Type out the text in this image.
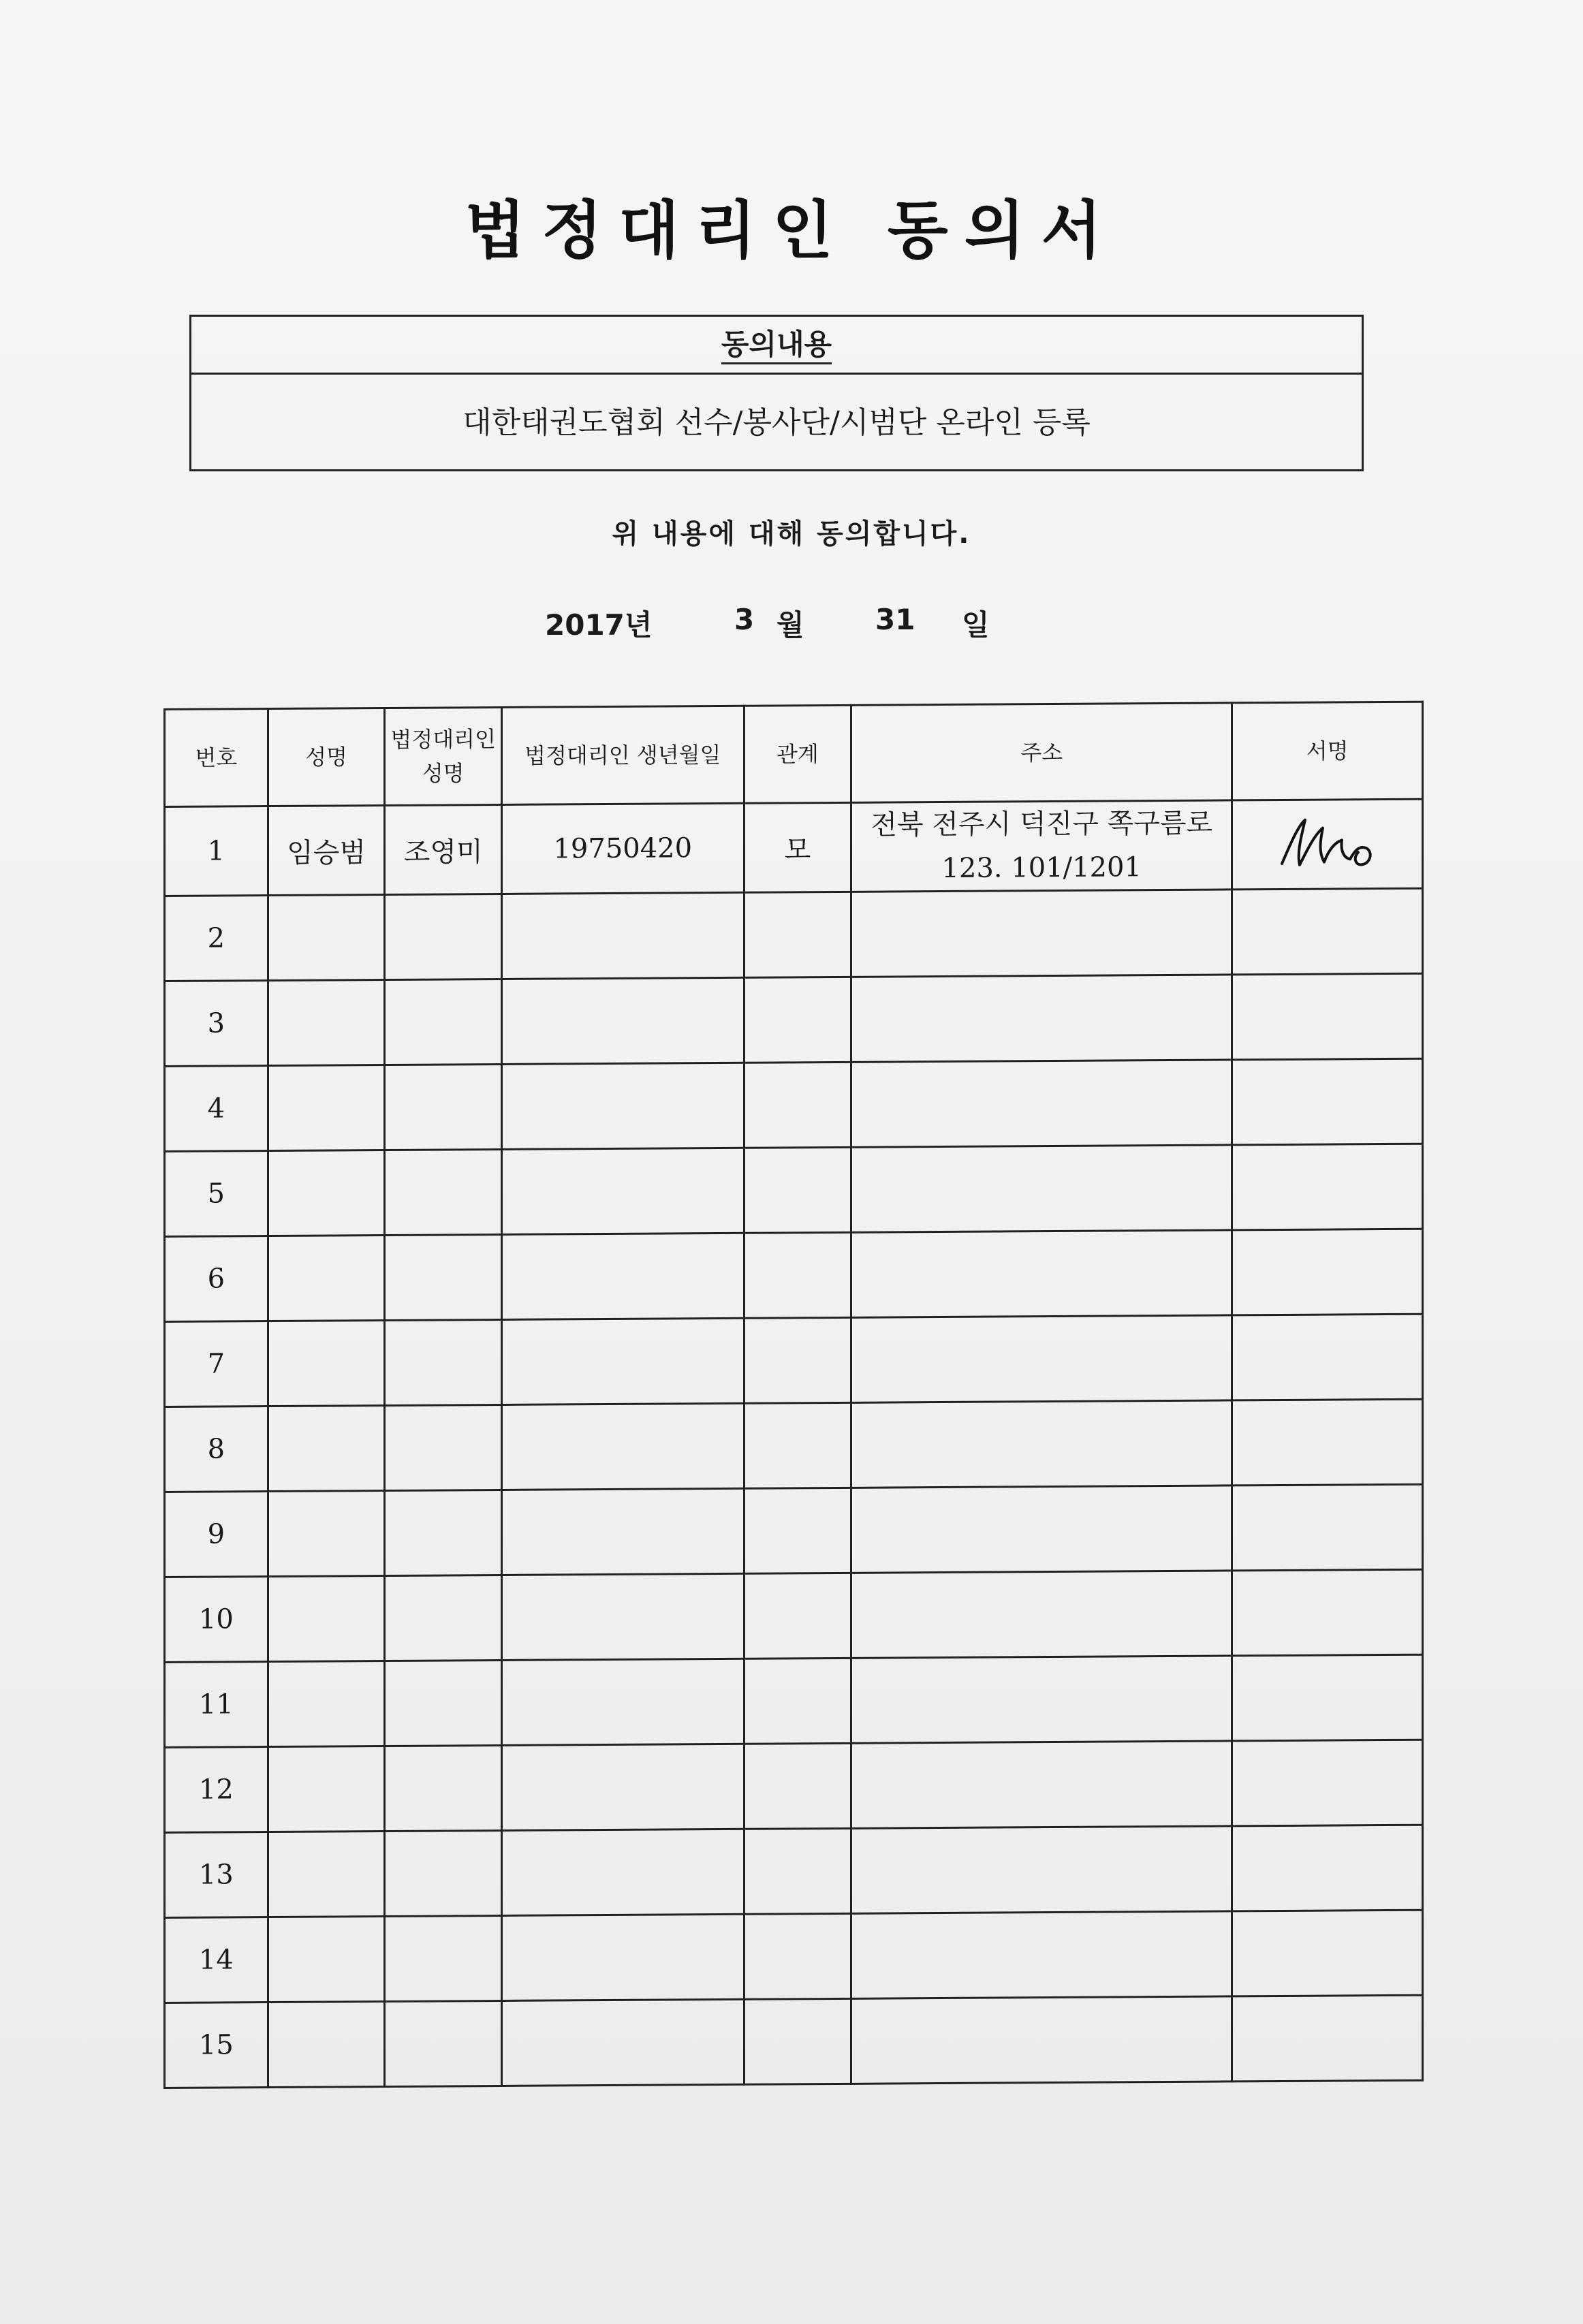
법정대리인 동의서
동의내용
대한태권도협회 선수/봉사단/시범단 온라인 등록
위 내용에 대해 동의합니다.
2017년	3 월 31 일
번호	성명	법정대리인 성명	법정대리인 생년월일	관계	주소	서명
1	임승범	조영미	19750420	모	전북 전주시 덕진구 쪽구름로123. 101/1201	

2						
3						
4						
5						
6						
7						
8						
9						
10						
11						
12						
13						
14						
15						
